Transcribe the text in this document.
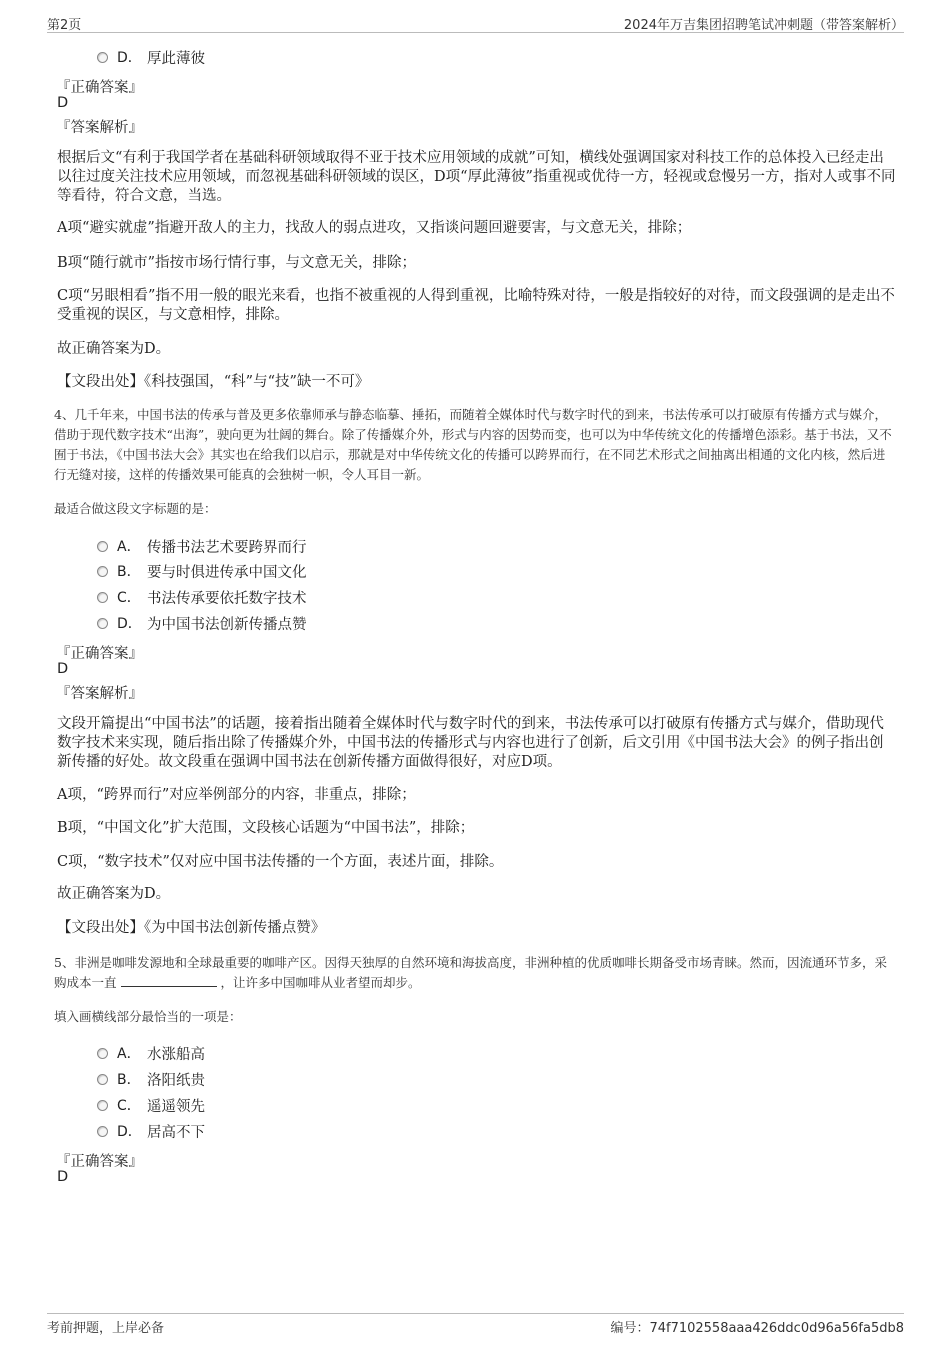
第2页	2024年万吉集团招聘笔试冲刺题（带答案解析）
D． 厚此薄彼
『正确答案』
D
『答案解析』
根据后文“有利于我国学者在基础科研领域取得不亚于技术应用领域的成就”可知，横线处强调国家对科技工作的总体投入已经走出以往过度关注技术应用领域，而忽视基础科研领域的误区，D项“厚此薄彼”指重视或优待一方，轻视或怠慢另一方，指对人或事不同等看待，符合文意，当选。
A项“避实就虚”指避开敌人的主力，找敌人的弱点进攻，又指谈问题回避要害，与文意无关，排除；
B项“随行就市”指按市场行情行事，与文意无关，排除；
C项“另眼相看”指不用一般的眼光来看，也指不被重视的人得到重视，比喻特殊对待，一般是指较好的对待，而文段强调的是走出不受重视的误区，与文意相悖，排除。
故正确答案为D。
【文段出处】《科技强国，“科”与“技”缺一不可》
4、几千年来，中国书法的传承与普及更多依靠师承与静态临摹、捶拓，而随着全媒体时代与数字时代的到来，书法传承可以打破原有传播方式与媒介，借助于现代数字技术“出海”，驶向更为壮阔的舞台。除了传播媒介外，形式与内容的因势而变，也可以为中华传统文化的传播增色添彩。基于书法，又不囿于书法，《中国书法大会》其实也在给我们以启示，那就是对中华传统文化的传播可以跨界而行，在不同艺术形式之间抽离出相通的文化内核，然后进行无缝对接，这样的传播效果可能真的会独树一帜，令人耳目一新。
最适合做这段文字标题的是：
A． 传播书法艺术要跨界而行
B． 要与时俱进传承中国文化
C． 书法传承要依托数字技术
D． 为中国书法创新传播点赞
『正确答案』
D
『答案解析』
文段开篇提出“中国书法”的话题，接着指出随着全媒体时代与数字时代的到来，书法传承可以打破原有传播方式与媒介，借助现代数字技术来实现，随后指出除了传播媒介外，中国书法的传播形式与内容也进行了创新，后文引用《中国书法大会》的例子指出创新传播的好处。故文段重在强调中国书法在创新传播方面做得很好，对应D项。
A项，“跨界而行”对应举例部分的内容，非重点，排除；
B项，“中国文化”扩大范围，文段核心话题为“中国书法”，排除；
C项，“数字技术”仅对应中国书法传播的一个方面，表述片面，排除。
故正确答案为D。
【文段出处】《为中国书法创新传播点赞》
5、非洲是咖啡发源地和全球最重要的咖啡产区。因得天独厚的自然环境和海拔高度，非洲种植的优质咖啡长期备受市场青睐。然而，因流通环节多，采购成本一直	，让许多中国咖啡从业者望而却步。
填入画横线部分最恰当的一项是：
A． 水涨船高
B． 洛阳纸贵
C． 遥遥领先
D． 居高不下
『正确答案』
D
考前押题，上岸必备	编号：74f7102558aaa426ddc0d96a56fa5db8
